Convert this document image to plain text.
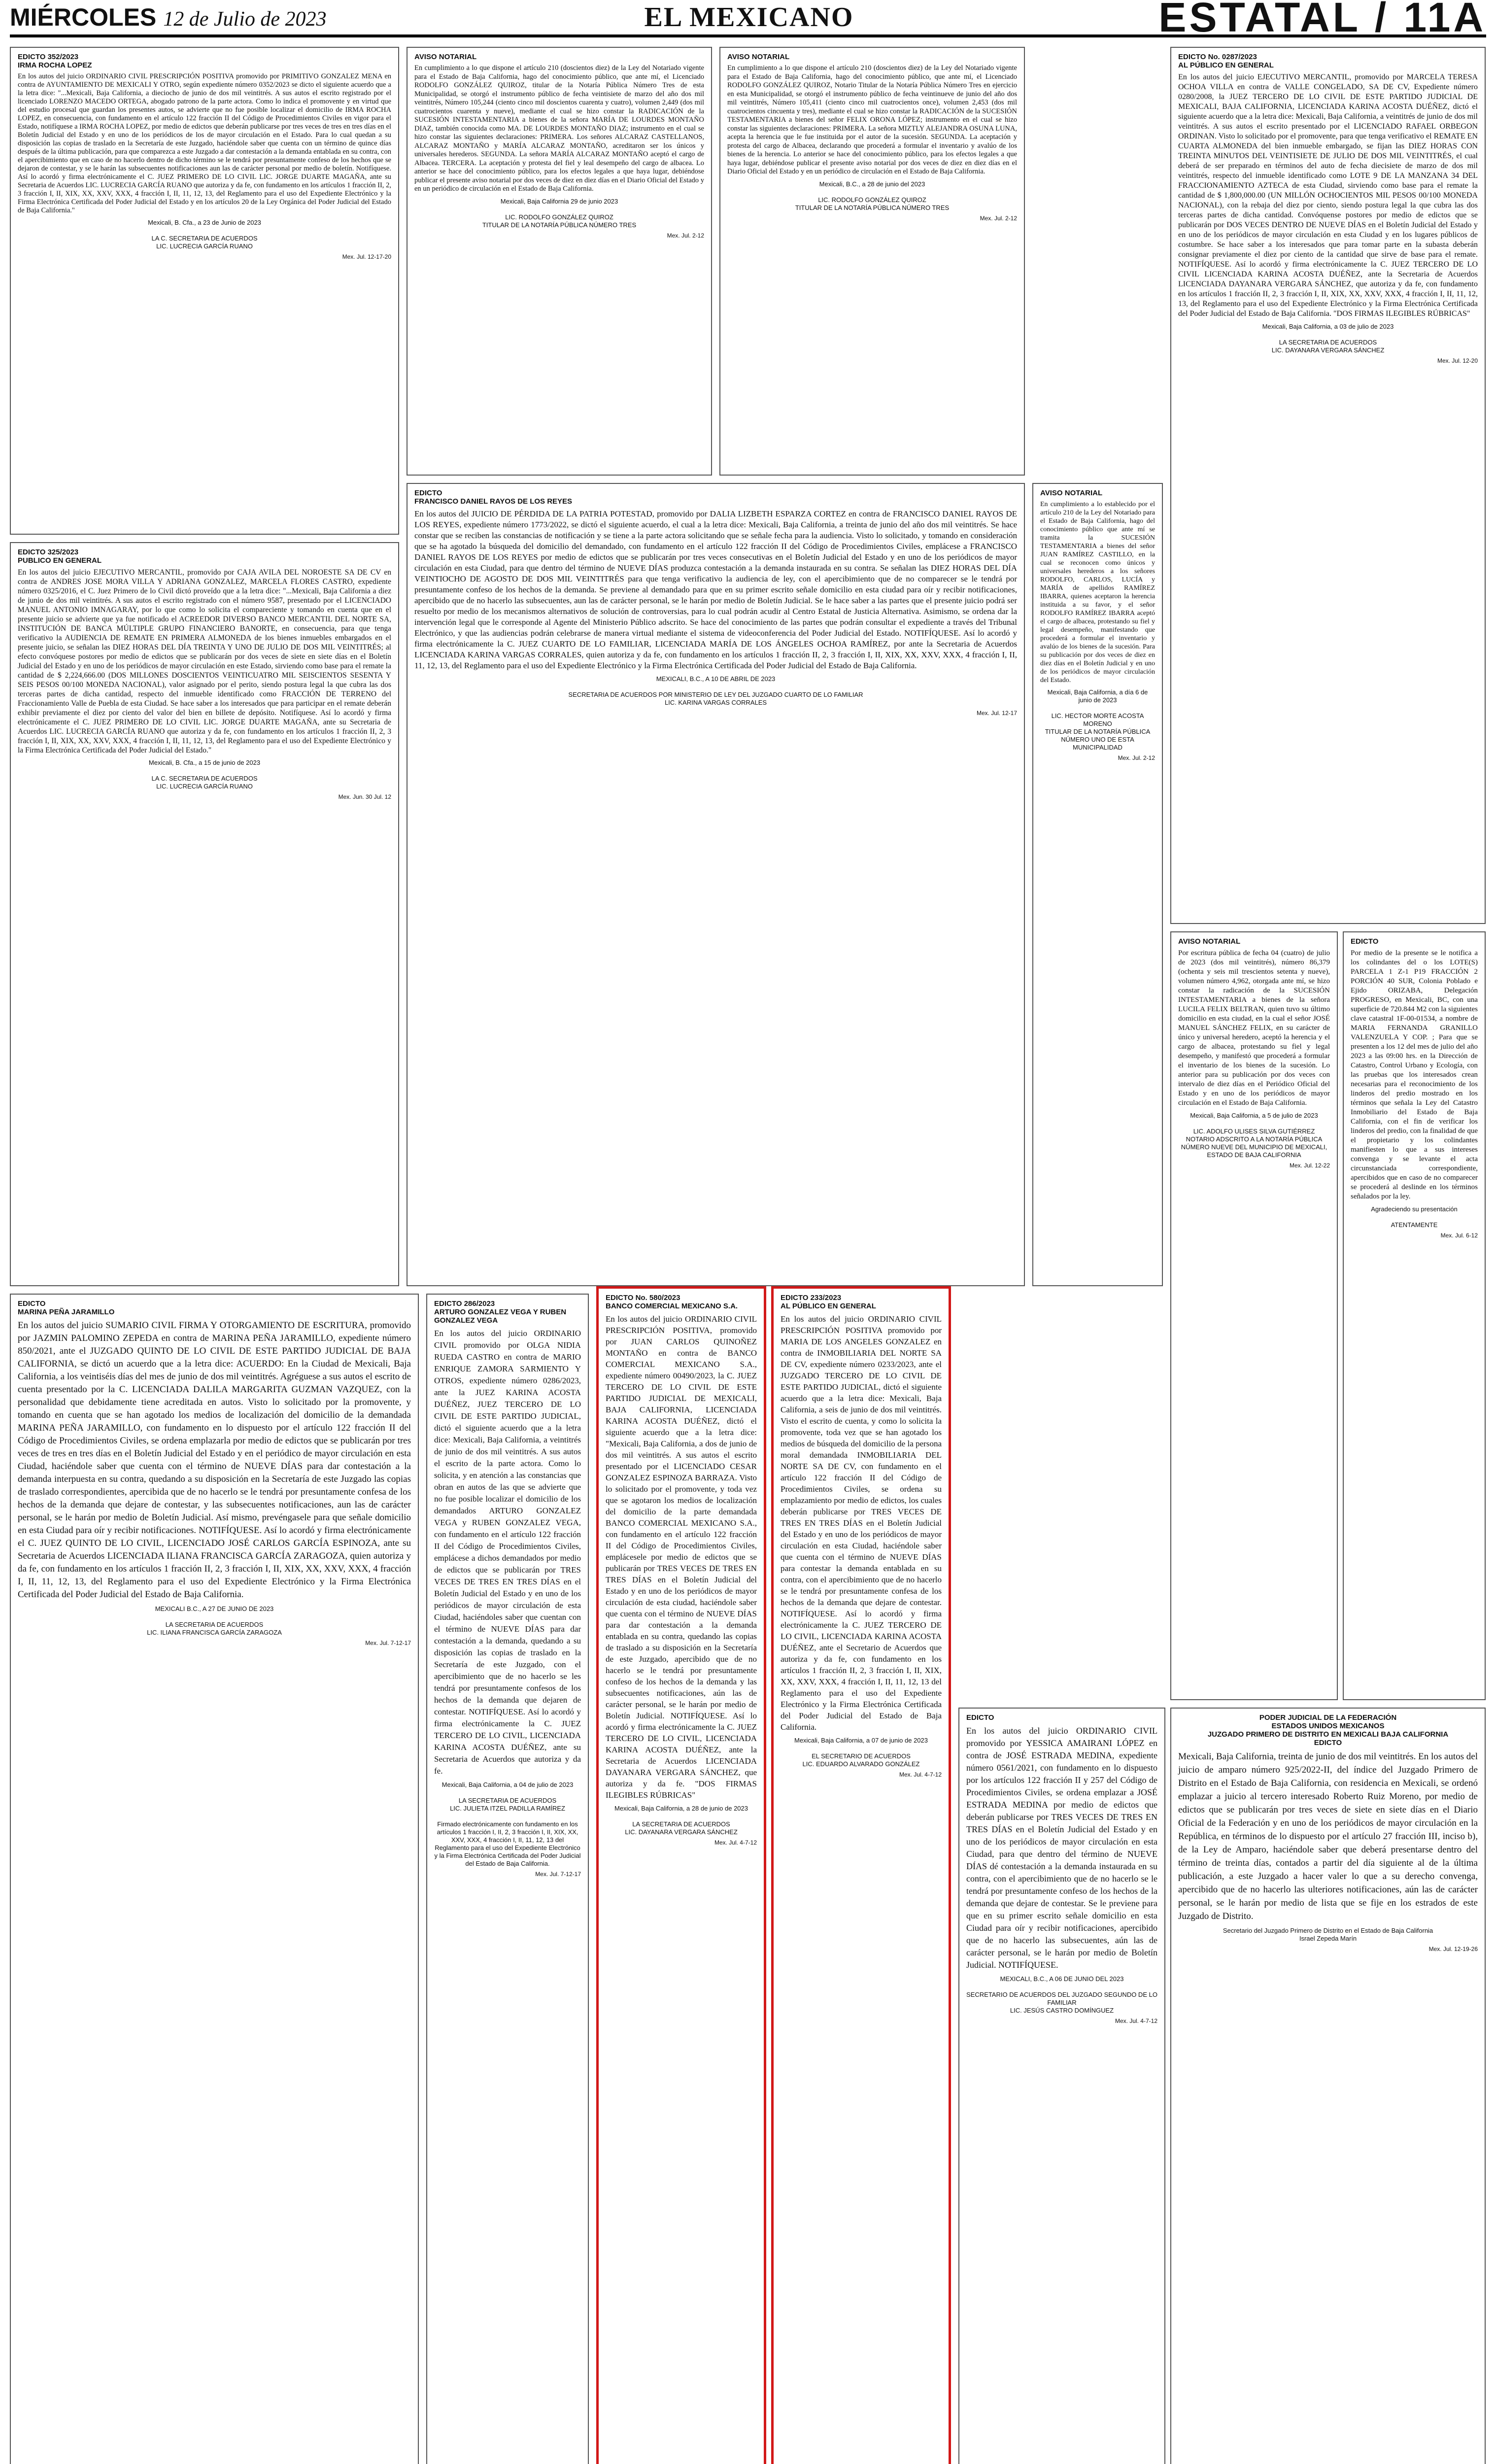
MIÉRCOLES 12 de Julio de 2023	EL MEXICANO	ESTATAL / 11A
EDICTO 352/2023
IRMA ROCHA LOPEZ
En los autos del juicio ORDINARIO CIVIL PRESCRIPCIÓN POSITIVA promovido por PRIMITIVO GONZALEZ MENA en contra de AYUNTAMIENTO DE MEXICALI Y OTRO, según expediente número 0352/2023 se dicto el siguiente acuerdo que a la letra dice: "...Mexicali, Baja California, a dieciocho de junio de dos mil veintitrés. A sus autos el escrito registrado por el licenciado LORENZO MACEDO ORTEGA, abogado patrono de la parte actora. Como lo indica el promovente y en virtud que del estudio procesal que guardan los presentes autos, se advierte que no fue posible localizar el domicilio de IRMA ROCHA LOPEZ, en consecuencia, con fundamento en el artículo 122 fracción II del Código de Procedimientos Civiles en vigor para el Estado, notifíquese a IRMA ROCHA LOPEZ, por medio de edictos que deberán publicarse por tres veces de tres en tres días en el Boletín Judicial del Estado y en uno de los periódicos de los de mayor circulación en el Estado. Para lo cual quedan a su disposición las copias de traslado en la Secretaría de este Juzgado, haciéndole saber que cuenta con un término de quince días después de la última publicación, para que comparezca a este Juzgado a dar contestación a la demanda entablada en su contra, con el apercibimiento que en caso de no hacerlo dentro de dicho término se le tendrá por presuntamente confeso de los hechos que se dejaron de contestar, y se le harán las subsecuentes notificaciones aun las de carácter personal por medio de boletín. Notifíquese. Así lo acordó y firma electrónicamente el C. JUEZ PRIMERO DE LO CIVIL LIC. JORGE DUARTE MAGAÑA, ante su Secretaria de Acuerdos LIC. LUCRECIA GARCÍA RUANO que autoriza y da fe, con fundamento en los artículos 1 fracción II, 2, 3 fracción I, II, XIX, XX, XXV, XXX, 4 fracción I, II, 11, 12, 13, del Reglamento para el uso del Expediente Electrónico y la Firma Electrónica Certificada del Poder Judicial del Estado y en los artículos 20 de la Ley Orgánica del Poder Judicial del Estado de Baja California."
Mexicali, B. Cfa., a 23 de Junio de 2023

LA C. SECRETARIA DE ACUERDOS
LIC. LUCRECIA GARCÍA RUANO
Mex. Jul. 12-17-20
EDICTO 325/2023
PUBLICO EN GENERAL
En los autos del juicio EJECUTIVO MERCANTIL, promovido por CAJA AVILA DEL NOROESTE SA DE CV en contra de ANDRES JOSE MORA VILLA Y ADRIANA GONZALEZ, MARCELA FLORES CASTRO, expediente número 0325/2016, el C. Juez Primero de lo Civil dictó proveído que a la letra dice: "...Mexicali, Baja California a diez de junio de dos mil veintitrés. A sus autos el escrito registrado con el número 9587, presentado por el LICENCIADO MANUEL ANTONIO IMNAGARAY, por lo que como lo solicita el compareciente y tomando en cuenta que en el presente juicio se advierte que ya fue notificado el ACREEDOR DIVERSO BANCO MERCANTIL DEL NORTE SA, INSTITUCIÓN DE BANCA MÚLTIPLE GRUPO FINANCIERO BANORTE, en consecuencia, para que tenga verificativo la AUDIENCIA DE REMATE EN PRIMERA ALMONEDA de los bienes inmuebles embargados en el presente juicio, se señalan las DIEZ HORAS DEL DÍA TREINTA Y UNO DE JULIO DE DOS MIL VEINTITRÉS; al efecto convóquese postores por medio de edictos que se publicarán por dos veces de siete en siete días en el Boletín Judicial del Estado y en uno de los periódicos de mayor circulación en este Estado, sirviendo como base para el remate la cantidad de $ 2,224,666.00 (DOS MILLONES DOSCIENTOS VEINTICUATRO MIL SEISCIENTOS SESENTA Y SEIS PESOS 00/100 MONEDA NACIONAL), valor asignado por el perito, siendo postura legal la que cubra las dos terceras partes de dicha cantidad, respecto del inmueble identificado como FRACCIÓN DE TERRENO del Fraccionamiento Valle de Puebla de esta Ciudad. Se hace saber a los interesados que para participar en el remate deberán exhibir previamente el diez por ciento del valor del bien en billete de depósito. Notifíquese. Así lo acordó y firma electrónicamente el C. JUEZ PRIMERO DE LO CIVIL LIC. JORGE DUARTE MAGAÑA, ante su Secretaria de Acuerdos LIC. LUCRECIA GARCÍA RUANO que autoriza y da fe, con fundamento en los artículos 1 fracción II, 2, 3 fracción I, II, XIX, XX, XXV, XXX, 4 fracción I, II, 11, 12, 13, del Reglamento para el uso del Expediente Electrónico y la Firma Electrónica Certificada del Poder Judicial del Estado."
Mexicali, B. Cfa., a 15 de junio de 2023

LA C. SECRETARIA DE ACUERDOS
LIC. LUCRECIA GARCÍA RUANO
Mex. Jun. 30 Jul. 12
AVISO NOTARIAL
En cumplimiento a lo que dispone el artículo 210 (doscientos diez) de la Ley del Notariado vigente para el Estado de Baja California, hago del conocimiento público, que ante mí, el Licenciado RODOLFO GONZÁLEZ QUIROZ, titular de la Notaría Pública Número Tres de esta Municipalidad, se otorgó el instrumento público de fecha veintisiete de marzo del año dos mil veintitrés, Número 105,244 (ciento cinco mil doscientos cuarenta y cuatro), volumen 2,449 (dos mil cuatrocientos cuarenta y nueve), mediante el cual se hizo constar la RADICACIÓN de la SUCESIÓN INTESTAMENTARIA a bienes de la señora MARÍA DE LOURDES MONTAÑO DIAZ, también conocida como MA. DE LOURDES MONTAÑO DIAZ; instrumento en el cual se hizo constar las siguientes declaraciones: PRIMERA. Los señores ALCARAZ CASTELLANOS, ALCARAZ MONTAÑO y MARÍA ALCARAZ MONTAÑO, acreditaron ser los únicos y universales herederos. SEGUNDA. La señora MARÍA ALCARAZ MONTAÑO aceptó el cargo de Albacea. TERCERA. La aceptación y protesta del fiel y leal desempeño del cargo de albacea. Lo anterior se hace del conocimiento público, para los efectos legales a que haya lugar, debiéndose publicar el presente aviso notarial por dos veces de diez en diez días en el Diario Oficial del Estado y en un periódico de circulación en el Estado de Baja California.
Mexicali, Baja California 29 de junio 2023

LIC. RODOLFO GONZÁLEZ QUIROZ
TITULAR DE LA NOTARÍA PÚBLICA NÚMERO TRES
Mex. Jul. 2-12
AVISO NOTARIAL
En cumplimiento a lo que dispone el artículo 210 (doscientos diez) de la Ley del Notariado vigente para el Estado de Baja California, hago del conocimiento público, que ante mí, el Licenciado RODOLFO GONZÁLEZ QUIROZ, Notario Titular de la Notaría Pública Número Tres en ejercicio en esta Municipalidad, se otorgó el instrumento público de fecha veintinueve de junio del año dos mil veintitrés, Número 105,411 (ciento cinco mil cuatrocientos once), volumen 2,453 (dos mil cuatrocientos cincuenta y tres), mediante el cual se hizo constar la RADICACIÓN de la SUCESIÓN TESTAMENTARIA a bienes del señor FELIX ORONA LÓPEZ; instrumento en el cual se hizo constar las siguientes declaraciones: PRIMERA. La señora MIZTLY ALEJANDRA OSUNA LUNA, acepta la herencia que le fue instituida por el autor de la sucesión. SEGUNDA. La aceptación y protesta del cargo de Albacea, declarando que procederá a formular el inventario y avalúo de los bienes de la herencia. Lo anterior se hace del conocimiento público, para los efectos legales a que haya lugar, debiéndose publicar el presente aviso notarial por dos veces de diez en diez días en el Diario Oficial del Estado y en un periódico de circulación en el Estado de Baja California.
Mexicali, B.C., a 28 de junio del 2023

LIC. RODOLFO GONZÁLEZ QUIROZ
TITULAR DE LA NOTARÍA PÚBLICA NÚMERO TRES
Mex. Jul. 2-12
EDICTO
FRANCISCO DANIEL RAYOS DE LOS REYES
En los autos del JUICIO DE PÉRDIDA DE LA PATRIA POTESTAD, promovido por DALIA LIZBETH ESPARZA CORTEZ en contra de FRANCISCO DANIEL RAYOS DE LOS REYES, expediente número 1773/2022, se dictó el siguiente acuerdo, el cual a la letra dice: Mexicali, Baja California, a treinta de junio del año dos mil veintitrés. Se hace constar que se reciben las constancias de notificación y se tiene a la parte actora solicitando que se señale fecha para la audiencia. Visto lo solicitado, y tomando en consideración que se ha agotado la búsqueda del domicilio del demandado, con fundamento en el artículo 122 fracción II del Código de Procedimientos Civiles, emplácese a FRANCISCO DANIEL RAYOS DE LOS REYES por medio de edictos que se publicarán por tres veces consecutivas en el Boletín Judicial del Estado y en uno de los periódicos de mayor circulación en esta Ciudad, para que dentro del término de NUEVE DÍAS produzca contestación a la demanda instaurada en su contra. Se señalan las DIEZ HORAS DEL DÍA VEINTIOCHO DE AGOSTO DE DOS MIL VEINTITRÉS para que tenga verificativo la audiencia de ley, con el apercibimiento que de no comparecer se le tendrá por presuntamente confeso de los hechos de la demanda. Se previene al demandado para que en su primer escrito señale domicilio en esta ciudad para oír y recibir notificaciones, apercibido que de no hacerlo las subsecuentes, aun las de carácter personal, se le harán por medio de Boletín Judicial. Se le hace saber a las partes que el presente juicio podrá ser resuelto por medio de los mecanismos alternativos de solución de controversias, para lo cual podrán acudir al Centro Estatal de Justicia Alternativa. Asimismo, se ordena dar la intervención legal que le corresponde al Agente del Ministerio Público adscrito. Se hace del conocimiento de las partes que podrán consultar el expediente a través del Tribunal Electrónico, y que las audiencias podrán celebrarse de manera virtual mediante el sistema de videoconferencia del Poder Judicial del Estado. NOTIFÍQUESE. Así lo acordó y firma electrónicamente la C. JUEZ CUARTO DE LO FAMILIAR, LICENCIADA MARÍA DE LOS ÁNGELES OCHOA RAMÍREZ, por ante la Secretaria de Acuerdos LICENCIADA KARINA VARGAS CORRALES, quien autoriza y da fe, con fundamento en los artículos 1 fracción II, 2, 3 fracción I, II, XIX, XX, XXV, XXX, 4 fracción I, II, 11, 12, 13, del Reglamento para el uso del Expediente Electrónico y la Firma Electrónica Certificada del Poder Judicial del Estado de Baja California.
MEXICALI, B.C., A 10 DE ABRIL DE 2023

SECRETARIA DE ACUERDOS POR MINISTERIO DE LEY DEL JUZGADO CUARTO DE LO FAMILIAR
LIC. KARINA VARGAS CORRALES
Mex. Jul. 12-17
AVISO NOTARIAL
En cumplimiento a lo establecido por el artículo 210 de la Ley del Notariado para el Estado de Baja California, hago del conocimiento público que ante mí se tramita la SUCESIÓN TESTAMENTARIA a bienes del señor JUAN RAMÍREZ CASTILLO, en la cual se reconocen como únicos y universales herederos a los señores RODOLFO, CARLOS, LUCÍA y MARÍA de apellidos RAMÍREZ IBARRA, quienes aceptaron la herencia instituida a su favor, y el señor RODOLFO RAMÍREZ IBARRA aceptó el cargo de albacea, protestando su fiel y legal desempeño, manifestando que procederá a formular el inventario y avalúo de los bienes de la sucesión. Para su publicación por dos veces de diez en diez días en el Boletín Judicial y en uno de los periódicos de mayor circulación del Estado.
Mexicali, Baja California, a día 6 de junio de 2023

LIC. HECTOR MORTE ACOSTA MORENO
TITULAR DE LA NOTARÍA PÚBLICA NÚMERO UNO DE ESTA MUNICIPALIDAD
Mex. Jul. 2-12
EDICTO No. 0287/2023
AL PÚBLICO EN GENERAL
En los autos del juicio EJECUTIVO MERCANTIL, promovido por MARCELA TERESA OCHOA VILLA en contra de VALLE CONGELADO, SA DE CV, Expediente número 0280/2008, la JUEZ TERCERO DE LO CIVIL DE ESTE PARTIDO JUDICIAL DE MEXICALI, BAJA CALIFORNIA, LICENCIADA KARINA ACOSTA DUÉÑEZ, dictó el siguiente acuerdo que a la letra dice: Mexicali, Baja California, a veintitrés de junio de dos mil veintitrés. A sus autos el escrito presentado por el LICENCIADO RAFAEL ORBEGON ORDINAN. Visto lo solicitado por el promovente, para que tenga verificativo el REMATE EN CUARTA ALMONEDA del bien inmueble embargado, se fijan las DIEZ HORAS CON TREINTA MINUTOS DEL VEINTISIETE DE JULIO DE DOS MIL VEINTITRÉS, el cual deberá de ser preparado en términos del auto de fecha diecisiete de marzo de dos mil veintitrés, respecto del inmueble identificado como LOTE 9 DE LA MANZANA 34 DEL FRACCIONAMIENTO AZTECA de esta Ciudad, sirviendo como base para el remate la cantidad de $ 1,800,000.00 (UN MILLÓN OCHOCIENTOS MIL PESOS 00/100 MONEDA NACIONAL), con la rebaja del diez por ciento, siendo postura legal la que cubra las dos terceras partes de dicha cantidad. Convóquense postores por medio de edictos que se publicarán por DOS VECES DENTRO DE NUEVE DÍAS en el Boletín Judicial del Estado y en uno de los periódicos de mayor circulación en esta Ciudad y en los lugares públicos de costumbre. Se hace saber a los interesados que para tomar parte en la subasta deberán consignar previamente el diez por ciento de la cantidad que sirve de base para el remate. NOTIFÍQUESE. Así lo acordó y firma electrónicamente la C. JUEZ TERCERO DE LO CIVIL LICENCIADA KARINA ACOSTA DUÉÑEZ, ante la Secretaria de Acuerdos LICENCIADA DAYANARA VERGARA SÁNCHEZ, que autoriza y da fe, con fundamento en los artículos 1 fracción II, 2, 3 fracción I, II, XIX, XX, XXV, XXX, 4 fracción I, II, 11, 12, 13, del Reglamento para el uso del Expediente Electrónico y la Firma Electrónica Certificada del Poder Judicial del Estado de Baja California. "DOS FIRMAS ILEGIBLES RÚBRICAS"
Mexicali, Baja California, a 03 de julio de 2023

LA SECRETARIA DE ACUERDOS
LIC. DAYANARA VERGARA SÁNCHEZ
Mex. Jul. 12-20
AVISO NOTARIAL
Por escritura pública de fecha 04 (cuatro) de julio de 2023 (dos mil veintitrés), número 86,379 (ochenta y seis mil trescientos setenta y nueve), volumen número 4,962, otorgada ante mí, se hizo constar la radicación de la SUCESIÓN INTESTAMENTARIA a bienes de la señora LUCILA FELIX BELTRAN, quien tuvo su último domicilio en esta ciudad, en la cual el señor JOSÉ MANUEL SÁNCHEZ FELIX, en su carácter de único y universal heredero, aceptó la herencia y el cargo de albacea, protestando su fiel y legal desempeño, y manifestó que procederá a formular el inventario de los bienes de la sucesión. Lo anterior para su publicación por dos veces con intervalo de diez días en el Periódico Oficial del Estado y en uno de los periódicos de mayor circulación en el Estado de Baja California.
Mexicali, Baja California, a 5 de julio de 2023

LIC. ADOLFO ULISES SILVA GUTIÉRREZ
NOTARIO ADSCRITO A LA NOTARÍA PÚBLICA NÚMERO NUEVE DEL MUNICIPIO DE MEXICALI, ESTADO DE BAJA CALIFORNIA
Mex. Jul. 12-22
EDICTO
Por medio de la presente se le notifica a los colindantes del o los LOTE(S) PARCELA 1 Z-1 P19 FRACCIÓN 2 PORCIÓN 40 SUR, Colonia Poblado e Ejido ORIZABA, Delegación PROGRESO, en Mexicali, BC, con una superficie de 720.844 M2 con la siguientes clave catastral 1F-00-01534, a nombre de MARIA FERNANDA GRANILLO VALENZUELA Y COP. ; Para que se presenten a los 12 del mes de julio del año 2023 a las 09:00 hrs. en la Dirección de Catastro, Control Urbano y Ecología, con las pruebas que los interesados crean necesarias para el reconocimiento de los linderos del predio mostrado en los términos que señala la Ley del Catastro Inmobiliario del Estado de Baja California, con el fin de verificar los linderos del predio, con la finalidad de que el propietario y los colindantes manifiesten lo que a sus intereses convenga y se levante el acta circunstanciada correspondiente, apercibidos que en caso de no comparecer se procederá al deslinde en los términos señalados por la ley.
Agradeciendo su presentación

ATENTAMENTE
Mex. Jul. 6-12
EDICTO
MARINA PEÑA JARAMILLO
En los autos del juicio SUMARIO CIVIL FIRMA Y OTORGAMIENTO DE ESCRITURA, promovido por JAZMIN PALOMINO ZEPEDA en contra de MARINA PEÑA JARAMILLO, expediente número 850/2021, ante el JUZGADO QUINTO DE LO CIVIL DE ESTE PARTIDO JUDICIAL DE BAJA CALIFORNIA, se dictó un acuerdo que a la letra dice: ACUERDO: En la Ciudad de Mexicali, Baja California, a los veintiséis días del mes de junio de dos mil veintitrés. Agréguese a sus autos el escrito de cuenta presentado por la C. LICENCIADA DALILA MARGARITA GUZMAN VAZQUEZ, con la personalidad que debidamente tiene acreditada en autos. Visto lo solicitado por la promovente, y tomando en cuenta que se han agotado los medios de localización del domicilio de la demandada MARINA PEÑA JARAMILLO, con fundamento en lo dispuesto por el artículo 122 fracción II del Código de Procedimientos Civiles, se ordena emplazarla por medio de edictos que se publicarán por tres veces de tres en tres días en el Boletín Judicial del Estado y en el periódico de mayor circulación en esta Ciudad, haciéndole saber que cuenta con el término de NUEVE DÍAS para dar contestación a la demanda interpuesta en su contra, quedando a su disposición en la Secretaría de este Juzgado las copias de traslado correspondientes, apercibida que de no hacerlo se le tendrá por presuntamente confesa de los hechos de la demanda que dejare de contestar, y las subsecuentes notificaciones, aun las de carácter personal, se le harán por medio de Boletín Judicial. Así mismo, prevéngasele para que señale domicilio en esta Ciudad para oír y recibir notificaciones. NOTIFÍQUESE. Así lo acordó y firma electrónicamente el C. JUEZ QUINTO DE LO CIVIL, LICENCIADO JOSÉ CARLOS GARCÍA ESPINOZA, ante su Secretaria de Acuerdos LICENCIADA ILIANA FRANCISCA GARCÍA ZARAGOZA, quien autoriza y da fe, con fundamento en los artículos 1 fracción II, 2, 3 fracción I, II, XIX, XX, XXV, XXX, 4 fracción I, II, 11, 12, 13, del Reglamento para el uso del Expediente Electrónico y la Firma Electrónica Certificada del Poder Judicial del Estado de Baja California.
MEXICALI B.C., A 27 DE JUNIO DE 2023

LA SECRETARIA DE ACUERDOS
LIC. ILIANA FRANCISCA GARCÍA ZARAGOZA
Mex. Jul. 7-12-17
EDICTO 286/2023
ARTURO GONZALEZ VEGA Y RUBEN GONZALEZ VEGA
En los autos del juicio ORDINARIO CIVIL promovido por OLGA NIDIA RUEDA CASTRO en contra de MARIO ENRIQUE ZAMORA SARMIENTO Y OTROS, expediente número 0286/2023, ante la JUEZ KARINA ACOSTA DUÉÑEZ, JUEZ TERCERO DE LO CIVIL DE ESTE PARTIDO JUDICIAL, dictó el siguiente acuerdo que a la letra dice: Mexicali, Baja California, a veintitrés de junio de dos mil veintitrés. A sus autos el escrito de la parte actora. Como lo solicita, y en atención a las constancias que obran en autos de las que se advierte que no fue posible localizar el domicilio de los demandados ARTURO GONZALEZ VEGA y RUBEN GONZALEZ VEGA, con fundamento en el artículo 122 fracción II del Código de Procedimientos Civiles, emplácese a dichos demandados por medio de edictos que se publicarán por TRES VECES DE TRES EN TRES DÍAS en el Boletín Judicial del Estado y en uno de los periódicos de mayor circulación de esta Ciudad, haciéndoles saber que cuentan con el término de NUEVE DÍAS para dar contestación a la demanda, quedando a su disposición las copias de traslado en la Secretaría de este Juzgado, con el apercibimiento que de no hacerlo se les tendrá por presuntamente confesos de los hechos de la demanda que dejaren de contestar. NOTIFÍQUESE. Así lo acordó y firma electrónicamente la C. JUEZ TERCERO DE LO CIVIL, LICENCIADA KARINA ACOSTA DUÉÑEZ, ante su Secretaria de Acuerdos que autoriza y da fe.
Mexicali, Baja California, a 04 de julio de 2023

LA SECRETARIA DE ACUERDOS
LIC. JULIETA ITZEL PADILLA RAMÍREZ

Firmado electrónicamente con fundamento en los artículos 1 fracción I, II, 2, 3 fracción I, II, XIX, XX, XXV, XXX, 4 fracción I, II, 11, 12, 13 del Reglamento para el uso del Expediente Electrónico y la Firma Electrónica Certificada del Poder Judicial del Estado de Baja California.
Mex. Jul. 7-12-17
EDICTO No. 580/2023
BANCO COMERCIAL MEXICANO S.A.
En los autos del juicio ORDINARIO CIVIL PRESCRIPCIÓN POSITIVA, promovido por JUAN CARLOS QUINOÑEZ MONTAÑO en contra de BANCO COMERCIAL MEXICANO S.A., expediente número 00490/2023, la C. JUEZ TERCERO DE LO CIVIL DE ESTE PARTIDO JUDICIAL DE MEXICALI, BAJA CALIFORNIA, LICENCIADA KARINA ACOSTA DUÉÑEZ, dictó el siguiente acuerdo que a la letra dice: "Mexicali, Baja California, a dos de junio de dos mil veintitrés. A sus autos el escrito presentado por el LICENCIADO CESAR GONZALEZ ESPINOZA BARRAZA. Visto lo solicitado por el promovente, y toda vez que se agotaron los medios de localización del domicilio de la parte demandada BANCO COMERCIAL MEXICANO S.A., con fundamento en el artículo 122 fracción II del Código de Procedimientos Civiles, emplácesele por medio de edictos que se publicarán por TRES VECES DE TRES EN TRES DÍAS en el Boletín Judicial del Estado y en uno de los periódicos de mayor circulación de esta ciudad, haciéndole saber que cuenta con el término de NUEVE DÍAS para dar contestación a la demanda entablada en su contra, quedando las copias de traslado a su disposición en la Secretaría de este Juzgado, apercibido que de no hacerlo se le tendrá por presuntamente confeso de los hechos de la demanda y las subsecuentes notificaciones, aún las de carácter personal, se le harán por medio de Boletín Judicial. NOTIFÍQUESE. Así lo acordó y firma electrónicamente la C. JUEZ TERCERO DE LO CIVIL, LICENCIADA KARINA ACOSTA DUÉÑEZ, ante la Secretaria de Acuerdos LICENCIADA DAYANARA VERGARA SÁNCHEZ, que autoriza y da fe. "DOS FIRMAS ILEGIBLES RÚBRICAS"
Mexicali, Baja California, a 28 de junio de 2023

LA SECRETARIA DE ACUERDOS
LIC. DAYANARA VERGARA SÁNCHEZ
Mex. Jul. 4-7-12
EDICTO 233/2023
AL PÚBLICO EN GENERAL
En los autos del juicio ORDINARIO CIVIL PRESCRIPCIÓN POSITIVA promovido por MARIA DE LOS ANGELES GONZALEZ en contra de INMOBILIARIA DEL NORTE SA DE CV, expediente número 0233/2023, ante el JUZGADO TERCERO DE LO CIVIL DE ESTE PARTIDO JUDICIAL, dictó el siguiente acuerdo que a la letra dice: Mexicali, Baja California, a seis de junio de dos mil veintitrés. Visto el escrito de cuenta, y como lo solicita la promovente, toda vez que se han agotado los medios de búsqueda del domicilio de la persona moral demandada INMOBILIARIA DEL NORTE SA DE CV, con fundamento en el artículo 122 fracción II del Código de Procedimientos Civiles, se ordena su emplazamiento por medio de edictos, los cuales deberán publicarse por TRES VECES DE TRES EN TRES DÍAS en el Boletín Judicial del Estado y en uno de los periódicos de mayor circulación en esta Ciudad, haciéndole saber que cuenta con el término de NUEVE DÍAS para contestar la demanda entablada en su contra, con el apercibimiento que de no hacerlo se le tendrá por presuntamente confesa de los hechos de la demanda que dejare de contestar. NOTIFÍQUESE. Así lo acordó y firma electrónicamente la C. JUEZ TERCERO DE LO CIVIL, LICENCIADA KARINA ACOSTA DUÉÑEZ, ante el Secretario de Acuerdos que autoriza y da fe, con fundamento en los artículos 1 fracción II, 2, 3 fracción I, II, XIX, XX, XXV, XXX, 4 fracción I, II, 11, 12, 13 del Reglamento para el uso del Expediente Electrónico y la Firma Electrónica Certificada del Poder Judicial del Estado de Baja California.
Mexicali, Baja California, a 07 de junio de 2023

EL SECRETARIO DE ACUERDOS
LIC. EDUARDO ALVARADO GONZÁLEZ
Mex. Jul. 4-7-12
EDICTO
En los autos del juicio ORDINARIO CIVIL promovido por YESSICA AMAIRANI LÓPEZ en contra de JOSÉ ESTRADA MEDINA, expediente número 0561/2021, con fundamento en lo dispuesto por los artículos 122 fracción II y 257 del Código de Procedimientos Civiles, se ordena emplazar a JOSÉ ESTRADA MEDINA por medio de edictos que deberán publicarse por TRES VECES DE TRES EN TRES DÍAS en el Boletín Judicial del Estado y en uno de los periódicos de mayor circulación en esta Ciudad, para que dentro del término de NUEVE DÍAS dé contestación a la demanda instaurada en su contra, con el apercibimiento que de no hacerlo se le tendrá por presuntamente confeso de los hechos de la demanda que dejare de contestar. Se le previene para que en su primer escrito señale domicilio en esta Ciudad para oír y recibir notificaciones, apercibido que de no hacerlo las subsecuentes, aún las de carácter personal, se le harán por medio de Boletín Judicial. NOTIFÍQUESE.
MEXICALI, B.C., A 06 DE JUNIO DEL 2023

SECRETARIO DE ACUERDOS DEL JUZGADO SEGUNDO DE LO FAMILIAR
LIC. JESÚS CASTRO DOMÍNGUEZ
Mex. Jul. 4-7-12
PODER JUDICIAL DE LA FEDERACIÓN
ESTADOS UNIDOS MEXICANOS
JUZGADO PRIMERO DE DISTRITO EN MEXICALI BAJA CALIFORNIA
EDICTO
Mexicali, Baja California, treinta de junio de dos mil veintitrés. En los autos del juicio de amparo número 925/2022-II, del índice del Juzgado Primero de Distrito en el Estado de Baja California, con residencia en Mexicali, se ordenó emplazar a juicio al tercero interesado Roberto Ruiz Moreno, por medio de edictos que se publicarán por tres veces de siete en siete días en el Diario Oficial de la Federación y en uno de los periódicos de mayor circulación en la República, en términos de lo dispuesto por el artículo 27 fracción III, inciso b), de la Ley de Amparo, haciéndole saber que deberá presentarse dentro del término de treinta días, contados a partir del día siguiente al de la última publicación, a este Juzgado a hacer valer lo que a su derecho convenga, apercibido que de no hacerlo las ulteriores notificaciones, aún las de carácter personal, se le harán por medio de lista que se fije en los estrados de este Juzgado de Distrito.
Secretario del Juzgado Primero de Distrito en el Estado de Baja California
Israel Zepeda Marín
Mex. Jul. 12-19-26
